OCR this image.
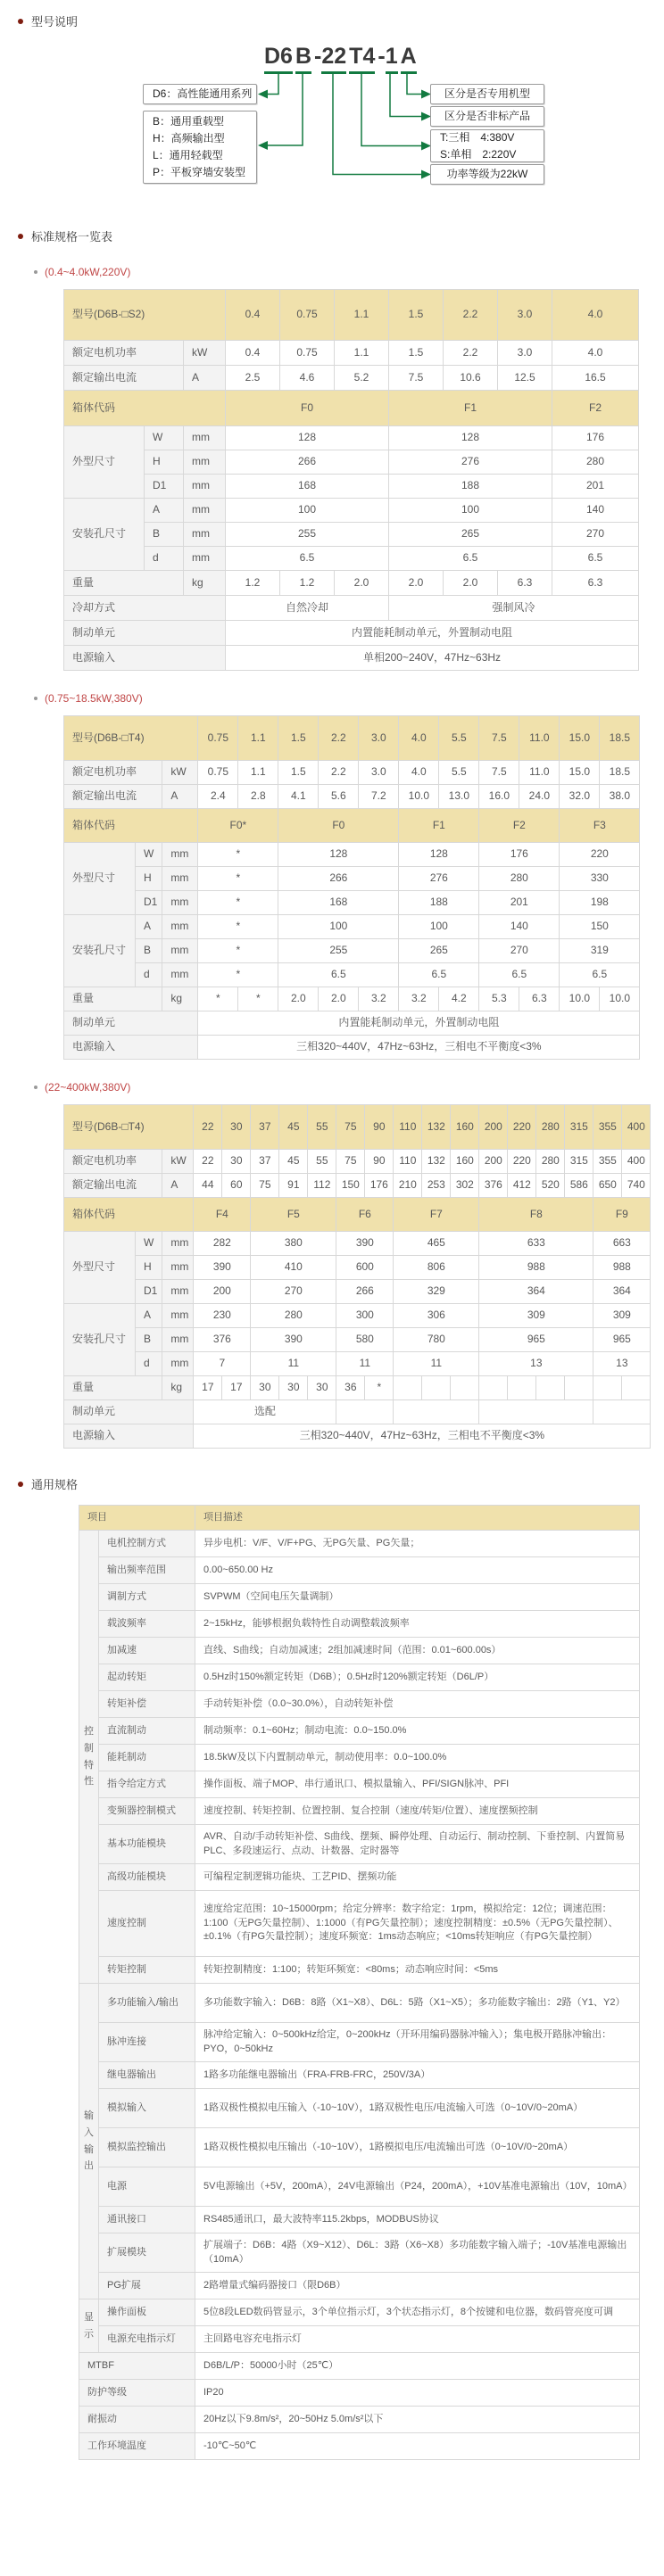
型号说明
D6 B -22 T4 -1 A
D6：高性能通用系列
B：通用重载型
H：高频输出型
L：通用轻载型
P：平板穿墙安装型
区分是否专用机型
区分是否非标产品
T:三相　4:380V
S:单相　2:220V
功率等级为22kW
标准规格一览表
(0.4~4.0kW,220V)
型号(D6B-□S2)			0.4	0.75	1.1	1.5	2.2	3.0	4.0
额定电机功率		kW	0.4	0.75	1.1	1.5	2.2	3.0	4.0
额定输出电流		A	2.5	4.6	5.2	7.5	10.6	12.5	16.5
箱体代码			F0			F1			F2
外型尺寸	W	mm	128			128			176
	H	mm	266			276			280
	D1	mm	168			188			201
安装孔尺寸	A	mm	100			100			140
	B	mm	255			265			270
	d	mm	6.5			6.5			6.5
重量		kg	1.2	1.2	2.0	2.0	2.0	6.3	6.3
冷却方式			自然冷却			强制风冷			
制动单元			内置能耗制动单元，外置制动电阻						
电源输入			单相200~240V，47Hz~63Hz						
(0.75~18.5kW,380V)
型号(D6B-□T4)			0.75	1.1	1.5	2.2	3.0	4.0	5.5	7.5	11.0	15.0	18.5
额定电机功率		kW	0.75	1.1	1.5	2.2	3.0	4.0	5.5	7.5	11.0	15.0	18.5
额定输出电流		A	2.4	2.8	4.1	5.6	7.2	10.0	13.0	16.0	24.0	32.0	38.0
箱体代码			F0*		F0			F1		F2		F3	
外型尺寸	W	mm	*		128			128		176		220	
	H	mm	*		266			276		280		330	
	D1	mm	*		168			188		201		198	
安装孔尺寸	A	mm	*		100			100		140		150	
	B	mm	*		255			265		270		319	
	d	mm	*		6.5			6.5		6.5		6.5	
重量		kg	*	*	2.0	2.0	3.2	3.2	4.2	5.3	6.3	10.0	10.0
制动单元			内置能耗制动单元，外置制动电阻										
电源输入			三相320~440V，47Hz~63Hz，三相电不平衡度<3%										
(22~400kW,380V)
型号(D6B-□T4)			22	30	37	45	55	75	90	110	132	160	200	220	280	315	355	400
额定电机功率		kW	22	30	37	45	55	75	90	110	132	160	200	220	280	315	355	400
额定输出电流		A	44	60	75	91	112	150	176	210	253	302	376	412	520	586	650	740
箱体代码			F4		F5			F6		F7			F8				F9	
外型尺寸	W	mm	282		380			390		465			633				663	
	H	mm	390		410			600		806			988				988	
	D1	mm	200		270			266		329			364				364	
安装孔尺寸	A	mm	230		280			300		306			309				309	
	B	mm	376		390			580		780			965				965	
	d	mm	7		11			11		11			13				13	
重量		kg	17	17	30	30	30	36	*									
制动单元			选配															
电源输入			三相320~440V，47Hz~63Hz，三相电不平衡度<3%															
通用规格
项目		项目描述
控制特性	电机控制方式	异步电机：V/F、V/F+PG、无PG矢量、PG矢量；
	输出频率范围	0.00~650.00 Hz
	调制方式	SVPWM（空间电压矢量调制）
	载波频率	2~15kHz，能够根据负载特性自动调整载波频率
	加减速	直线、S曲线；自动加减速；2组加减速时间（范围：0.01~600.00s）
	起动转矩	0.5Hz时150%额定转矩（D6B）；0.5Hz时120%额定转矩（D6L/P）
	转矩补偿	手动转矩补偿（0.0~30.0%），自动转矩补偿
	直流制动	制动频率：0.1~60Hz；制动电流：0.0~150.0%
	能耗制动	18.5kW及以下内置制动单元，制动使用率：0.0~100.0%
	指令给定方式	操作面板、端子MOP、串行通讯口、模拟量输入、PFI/SIGN脉冲、PFI
	变频器控制模式	速度控制、转矩控制、位置控制、复合控制（速度/转矩/位置）、速度摆频控制
	基本功能模块	AVR、自动/手动转矩补偿、S曲线、摆频、瞬停处理、自动运行、制动控制、下垂控制、内置简易PLC、多段速运行、点动、计数器、定时器等
	高级功能模块	可编程定制逻辑功能块、工艺PID、摆频功能
	速度控制	速度给定范围：10~15000rpm；给定分辨率：数字给定：1rpm，模拟给定：12位；调速范围：1:100（无PG矢量控制）、1:1000（有PG矢量控制）；速度控制精度：±0.5%（无PG矢量控制）、±0.1%（有PG矢量控制）；速度环频宽：1ms动态响应；<10ms转矩响应（有PG矢量控制）
	转矩控制	转矩控制精度：1:100；转矩环频宽：<80ms；动态响应时间：<5ms
输入输出	多功能输入/输出	多功能数字输入：D6B：8路（X1~X8）、D6L：5路（X1~X5）；多功能数字输出：2路（Y1、Y2）
	脉冲连接	脉冲给定输入：0~500kHz给定，0~200kHz（开环用编码器脉冲输入）；集电极开路脉冲输出：PYO，0~50kHz
	继电器输出	1路多功能继电器输出（FRA-FRB-FRC，250V/3A）
	模拟输入	1路双极性模拟电压输入（-10~10V），1路双极性电压/电流输入可选（0~10V/0~20mA）
	模拟监控输出	1路双极性模拟电压输出（-10~10V），1路模拟电压/电流输出可选（0~10V/0~20mA）
	电源	5V电源输出（+5V，200mA），24V电源输出（P24，200mA），+10V基准电源输出（10V，10mA）
	通讯接口	RS485通讯口，最大波特率115.2kbps，MODBUS协议
	扩展模块	扩展端子：D6B：4路（X9~X12）、D6L：3路（X6~X8）多功能数字输入端子；-10V基准电源输出（10mA）
	PG扩展	2路增量式编码器接口（限D6B）
显示	操作面板	5位8段LED数码管显示，3个单位指示灯，3个状态指示灯，8个按键和电位器，数码管亮度可调
	电源充电指示灯	主回路电容充电指示灯
MTBF		D6B/L/P：50000小时（25℃）
防护等级		IP20
耐振动		20Hz以下9.8m/s²，20~50Hz 5.0m/s²以下
工作环境温度		-10℃~50℃
